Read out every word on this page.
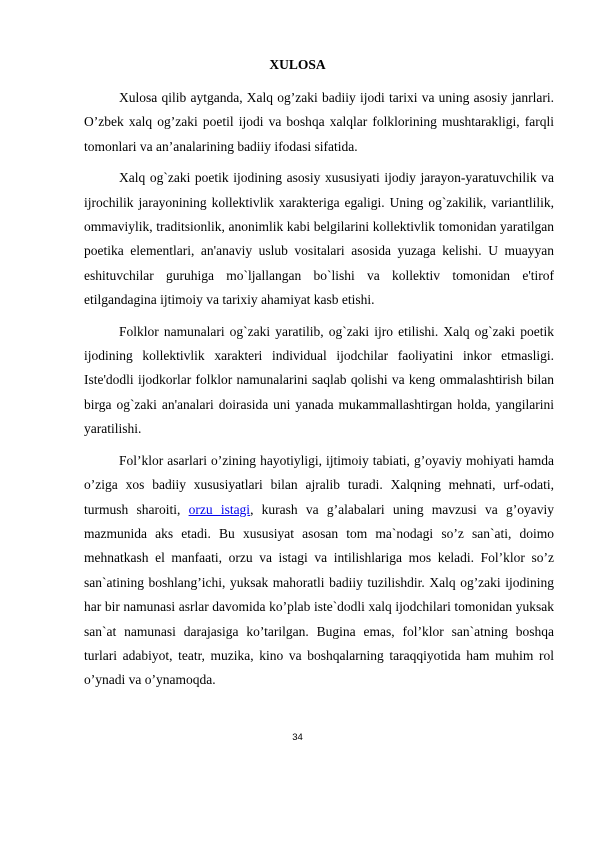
XULOSA

Xulosa qilib aytganda, Xalq og’zaki badiiy ijodi tarixi va uning asosiy janrlari. O’zbek xalq og’zaki poetil ijodi va boshqa xalqlar folklorining mushtarakligi, farqli tomonlari va an’analarining badiiy ifodasi sifatida.

Xalq og`zaki poetik ijodining asosiy xususiyati ijodiy jarayon-yaratuvchilik va ijrochilik jarayonining kollektivlik xarakteriga egaligi. Uning og`zakilik, variantlilik, ommaviylik, traditsionlik, anonimlik kabi belgilarini kollektivlik tomonidan yaratilgan poetika elementlari, an'anaviy uslub vositalari asosida yuzaga kelishi. U muayyan eshituvchilar guruhiga mo`ljallangan bo`lishi va kollektiv tomonidan e'tirof etilgandagina ijtimoiy va tarixiy ahamiyat kasb etishi.

Folklor namunalari og`zaki yaratilib, og`zaki ijro etilishi. Xalq og`zaki poetik ijodining kollektivlik xarakteri individual ijodchilar faoliyatini inkor etmasligi. Iste'dodli ijodkorlar folklor namunalarini saqlab qolishi va keng ommalashtirish bilan birga og`zaki an'analari doirasida uni yanada mukammallashtirgan holda, yangilarini yaratilishi.

Fol’klor asarlari o’zining hayotiyligi, ijtimoiy tabiati, g’oyaviy mohiyati hamda o’ziga xos badiiy xususiyatlari bilan ajralib turadi. Xalqning mehnati, urf-odati, turmush sharoiti, orzu istagi, kurash va g’alabalari uning mavzusi va g’oyaviy mazmunida aks etadi. Bu xususiyat asosan tom ma`nodagi so’z san`ati, doimo mehnatkash el manfaati, orzu va istagi va intilishlariga mos keladi. Fol’klor so’z san`atining boshlang’ichi, yuksak mahoratli badiiy tuzilishdir. Xalq og’zaki ijodining har bir namunasi asrlar davomida ko’plab iste`dodli xalq ijodchilari tomonidan yuksak san`at namunasi darajasiga ko’tarilgan. Bugina emas, fol’klor san`atning boshqa turlari adabiyot, teatr, muzika, kino va boshqalarning taraqqiyotida ham muhim rol o’ynadi va o’ynamoqda.

34
